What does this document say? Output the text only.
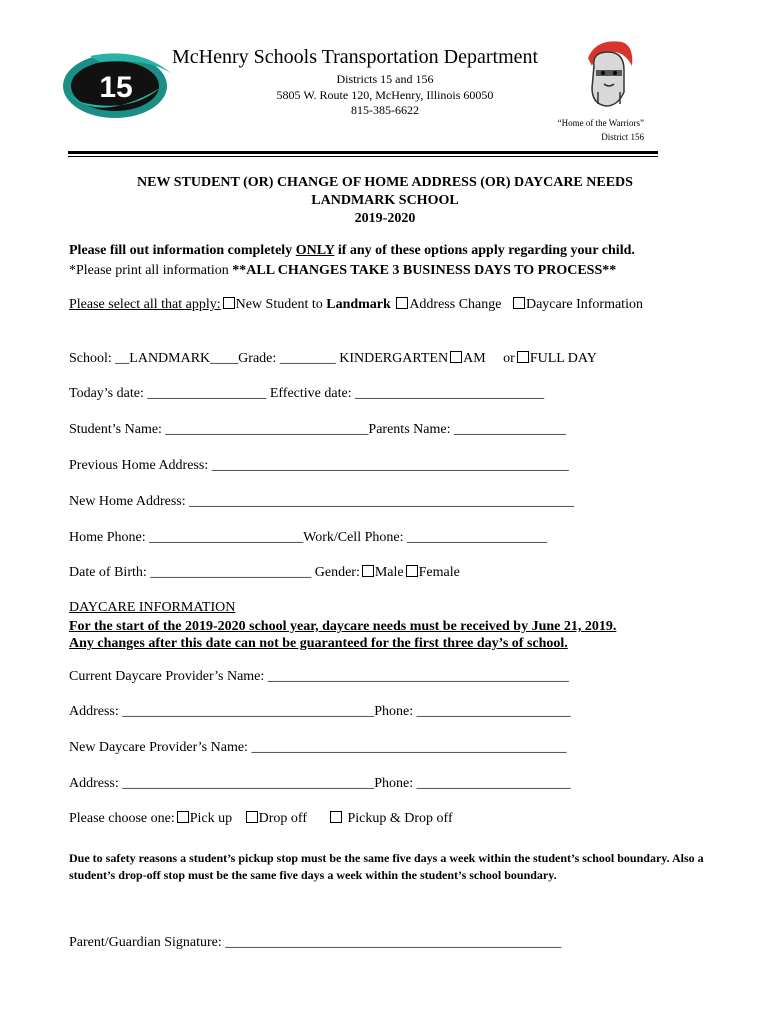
15
McHenry Schools Transportation Department
Districts 15 and 156
5805 W. Route 120, McHenry, Illinois 60050
815-385-6622
“Home of the Warriors”
District 156
NEW STUDENT (OR) CHANGE OF HOME ADDRESS (OR) DAYCARE NEEDS
LANDMARK SCHOOL
2019-2020
Please fill out information completely ONLY if any of these options apply regarding your child.
*Please print all information **ALL CHANGES TAKE 3 BUSINESS DAYS TO PROCESS**
Please select all that apply: New Student to Landmark Address Change Daycare Information
School: __LANDMARK____Grade: ________ KINDERGARTEN AM or FULL DAY
Today’s date: _________________ Effective date: ___________________________
Student’s Name: _____________________________Parents Name: ________________
Previous Home Address: ___________________________________________________
New Home Address: _______________________________________________________
Home Phone: ______________________Work/Cell Phone: ____________________
Date of Birth: _______________________ Gender: Male Female
DAYCARE INFORMATION
For the start of the 2019-2020 school year, daycare needs must be received by June 21, 2019.
Any changes after this date can not be guaranteed for the first three day’s of school.
Current Daycare Provider’s Name: ___________________________________________
Address: ____________________________________Phone: ______________________
New Daycare Provider’s Name: _____________________________________________
Address: ____________________________________Phone: ______________________
Please choose one: Pick up Drop off	Pickup & Drop off
Due to safety reasons a student’s pickup stop must be the same five days a week within the student’s school boundary. Also a student’s drop-off stop must be the same five days a week within the student’s school boundary.
Parent/Guardian Signature: ________________________________________________
